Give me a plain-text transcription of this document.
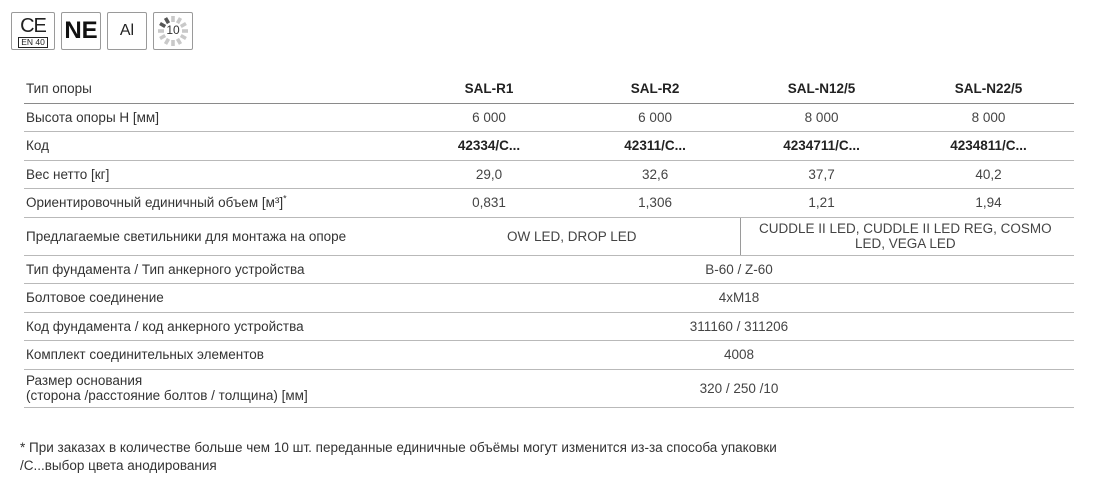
CE
EN 40 NE	Al	10
Тип опоры	SAL-R1	SAL-R2	SAL-N12/5	SAL-N22/5
Высота опоры H [мм]	6 000	6 000	8 000	8 000
Код	42334/C...	42311/C...	4234711/C...	4234811/C...
Вес нетто [кг]	29,0	32,6	37,7	40,2
Ориентировочный единичный объем [м³]*	0,831	1,306	1,21	1,94
Предлагаемые светильники для монтажа на опоре	OW LED, DROP LED		CUDDLE II LED, CUDDLE II LED REG, COSMO LED, VEGA LED	
Тип фундамента / Тип анкерного устройства	B-60 / Z-60			
Болтовое соединение	4xM18			
Код фундамента / код анкерного устройства	311160 / 311206			
Комплект соединительных элементов	4008			
Размер основания
(сторона /расстояние болтов / толщина) [мм]	320 / 250 /10			
* При заказах в количестве больше чем 10 шт. переданные единичные объёмы могут изменится из-за способа упаковки
/C...выбор цвета анодирования
